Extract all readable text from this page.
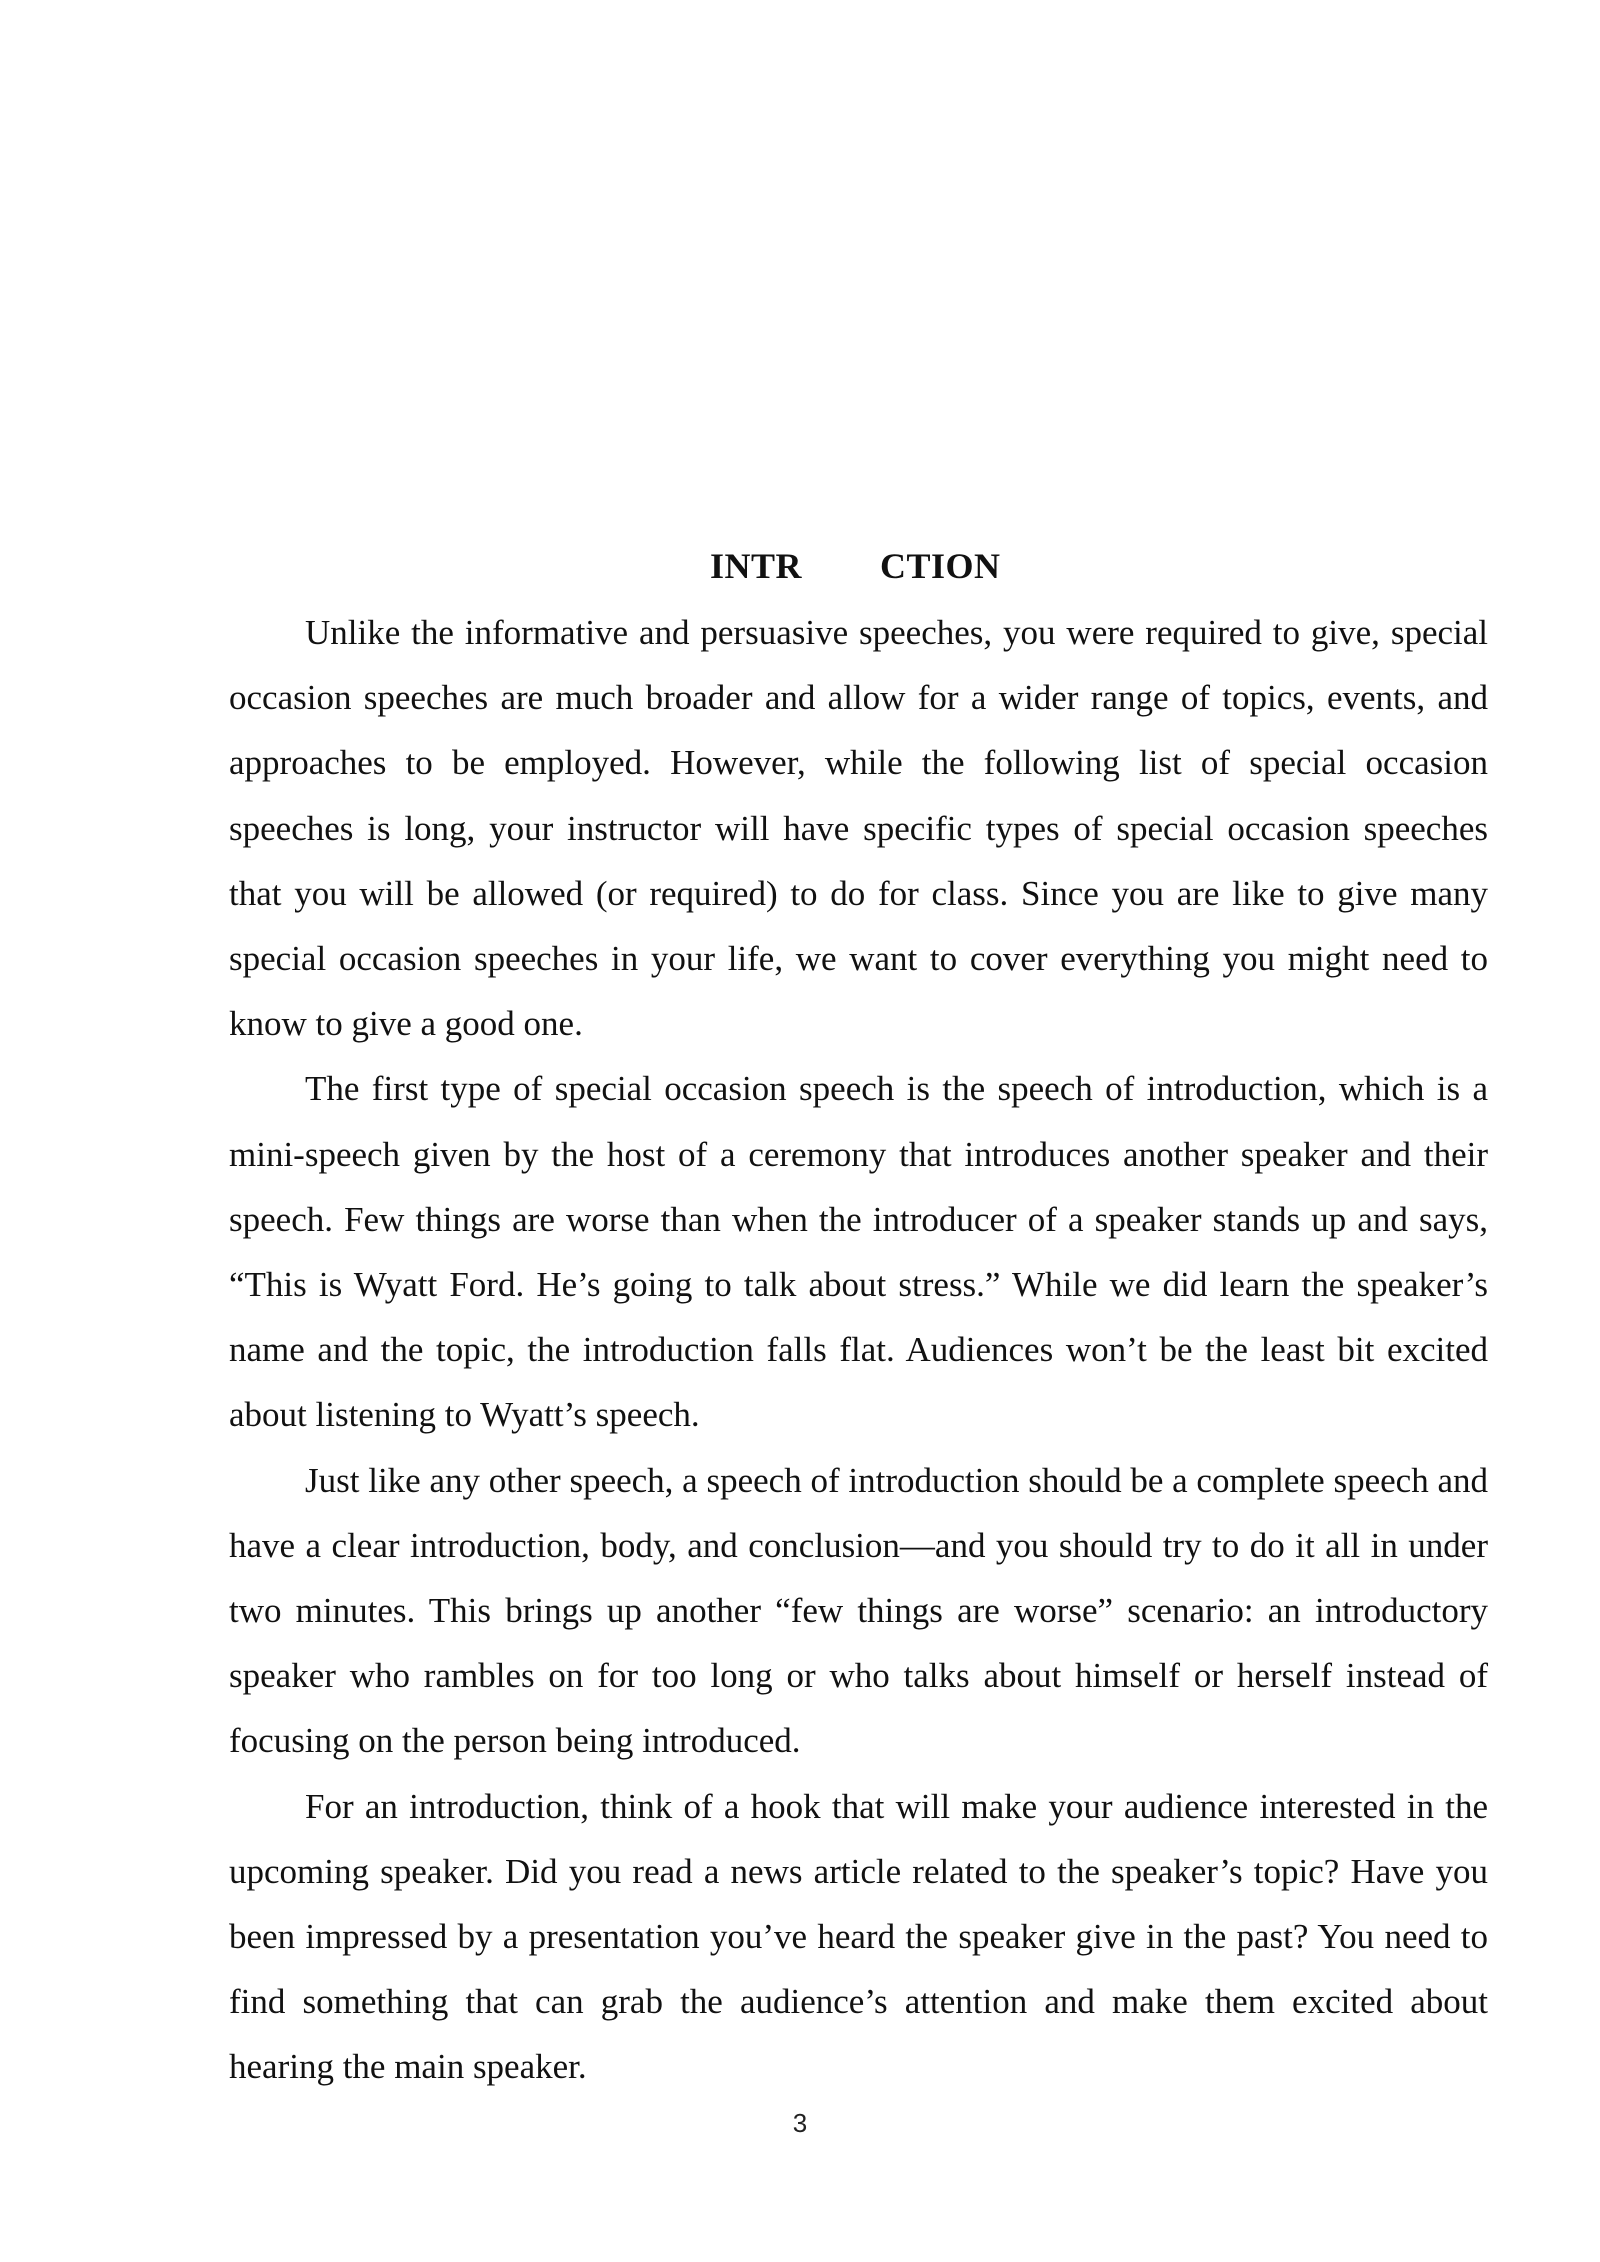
INTR CTION

Unlike the informative and persuasive speeches, you were required to give, special occasion speeches are much broader and allow for a wider range of topics, events, and approaches to be employed. However, while the following list of special occasion speeches is long, your instructor will have specific types of special occasion speeches that you will be allowed (or required) to do for class. Since you are like to give many special occasion speeches in your life, we want to cover everything you might need to know to give a good one.

The first type of special occasion speech is the speech of introduction, which is a mini-speech given by the host of a ceremony that introduces another speaker and their speech. Few things are worse than when the introducer of a speaker stands up and says, “This is Wyatt Ford. He’s going to talk about stress.” While we did learn the speaker’s name and the topic, the introduction falls flat. Audiences won’t be the least bit excited about listening to Wyatt’s speech.

Just like any other speech, a speech of introduction should be a complete speech and have a clear introduction, body, and conclusion—and you should try to do it all in under two minutes. This brings up another “few things are worse” scenario: an introductory speaker who rambles on for too long or who talks about himself or herself instead of focusing on the person being introduced.

For an introduction, think of a hook that will make your audience interested in the upcoming speaker. Did you read a news article related to the speaker’s topic? Have you been impressed by a presentation you’ve heard the speaker give in the past? You need to find something that can grab the audience’s attention and make them excited about hearing the main speaker.

3
